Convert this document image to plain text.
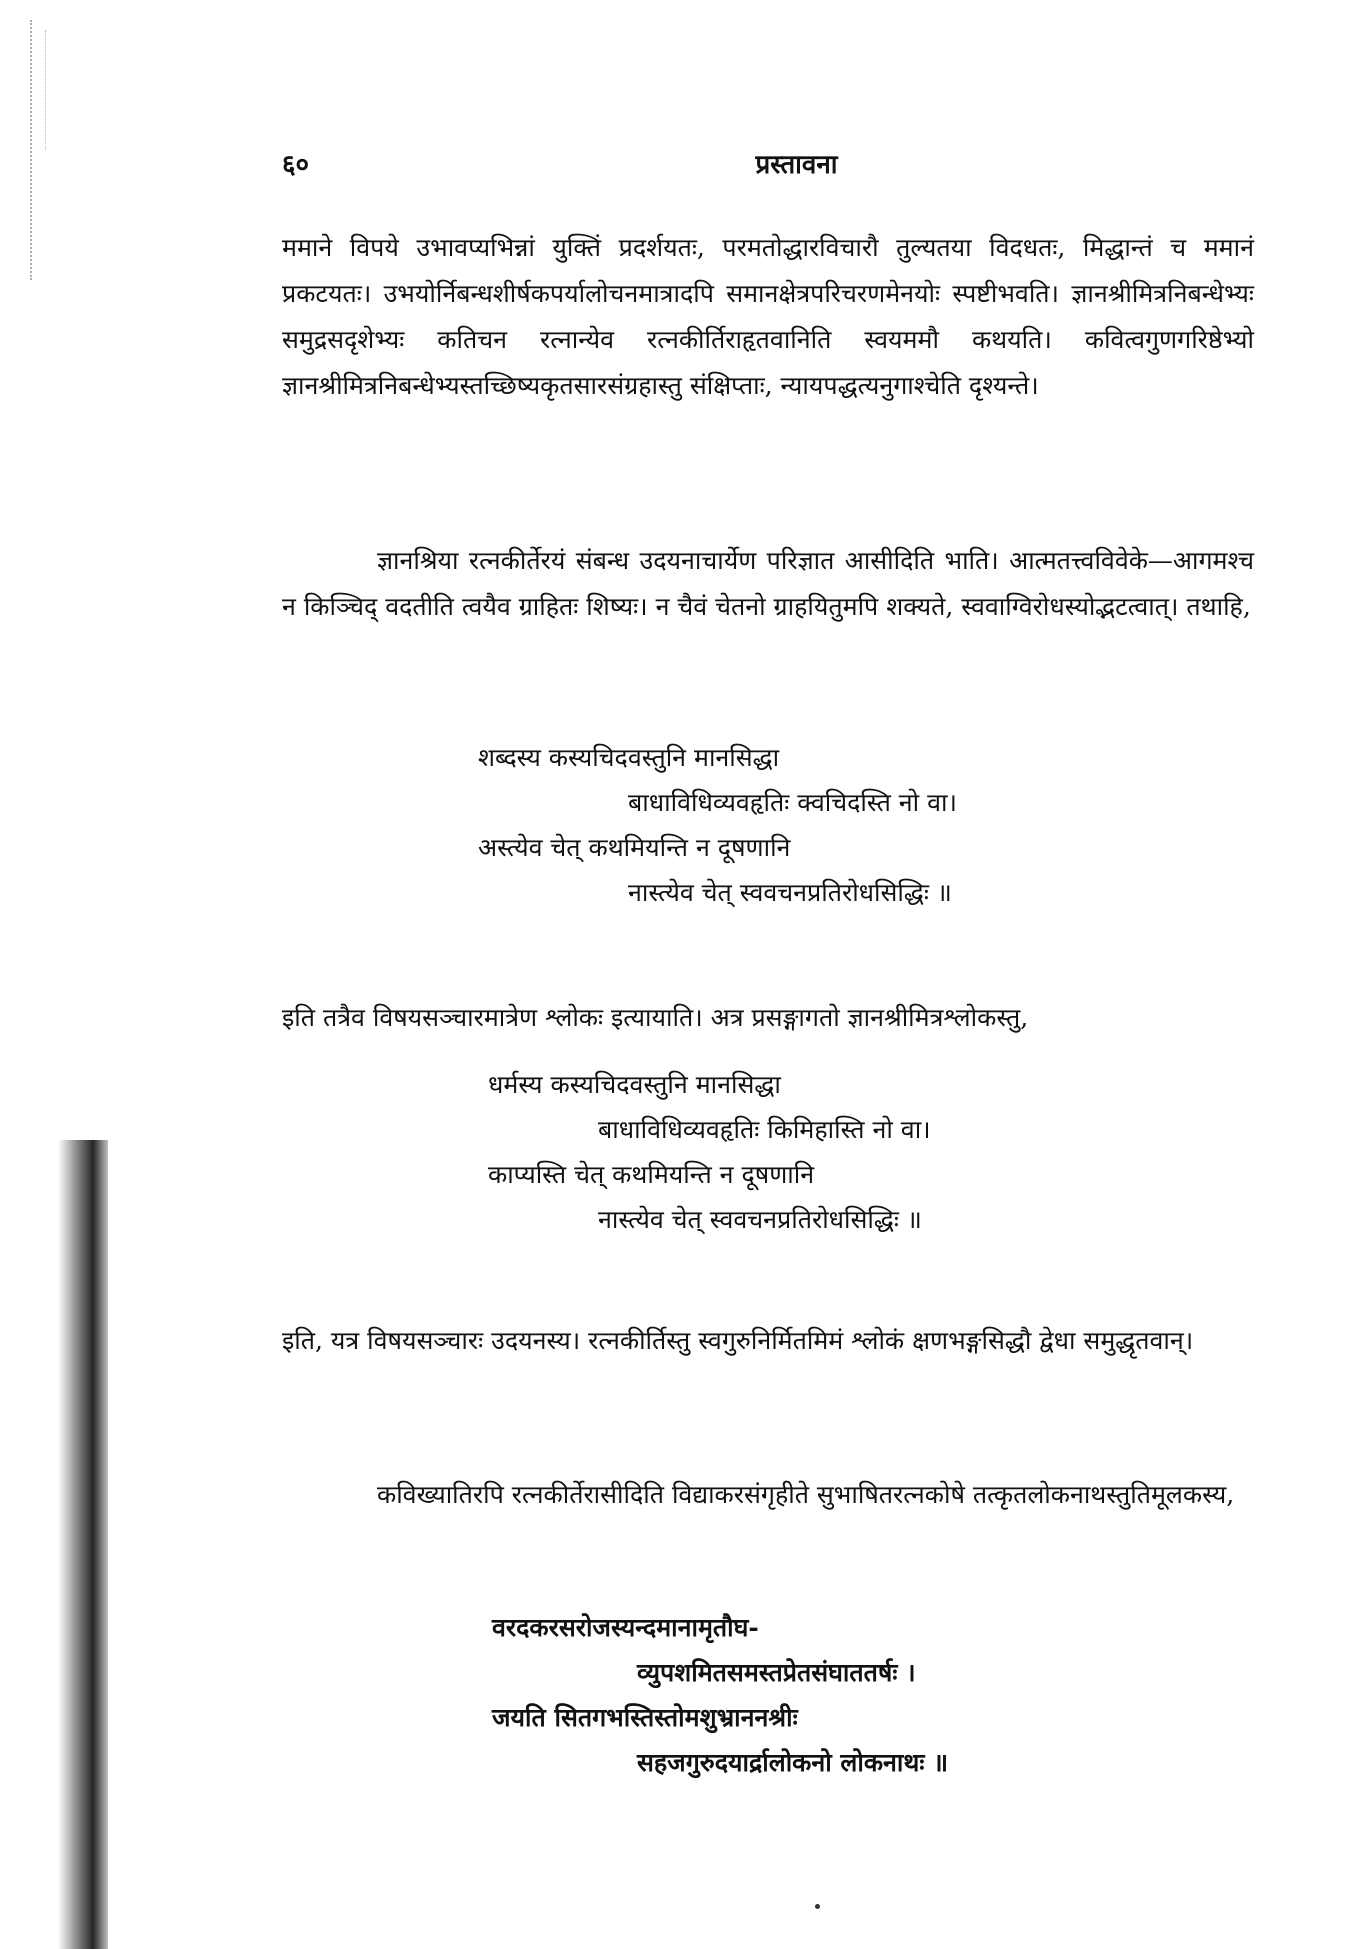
६०	प्रस्तावना

ममाने विपये उभावप्यभिन्नां युक्तिं प्रदर्शयतः, परमतोद्धारविचारौ तुल्यतया विदधतः, मिद्धान्तं च ममानं प्रकटयतः। उभयोर्निबन्धशीर्षकपर्यालोचनमात्रादपि समानक्षेत्रपरिचरणमेनयोः स्पष्टीभवति। ज्ञानश्रीमित्रनिबन्धेभ्यः समुद्रसदृशेभ्यः कतिचन रत्नान्येव रत्नकीर्तिराहृतवानिति स्वयममौ कथयति। कवित्वगुणगरिष्ठेभ्यो ज्ञानश्रीमित्रनिबन्धेभ्यस्तच्छिष्यकृतसारसंग्रहास्तु संक्षिप्ताः, न्यायपद्धत्यनुगाश्चेति दृश्यन्ते।

ज्ञानश्रिया रत्नकीर्तेरयं संबन्ध उदयनाचार्येण परिज्ञात आसीदिति भाति। आत्मतत्त्वविवेके—आगमश्च न किञ्चिद् वदतीति त्वयैव ग्राहितः शिष्यः। न चैवं चेतनो ग्राहयितुमपि शक्यते, स्ववाग्विरोधस्योद्भटत्वात्। तथाहि,

शब्दस्य कस्यचिदवस्तुनि मानसिद्धा
बाधाविधिव्यवहृतिः क्वचिदस्ति नो वा।
अस्त्येव चेत् कथमियन्ति न दूषणानि
नास्त्येव चेत् स्ववचनप्रतिरोधसिद्धिः ॥

इति तत्रैव विषयसञ्चारमात्रेण श्लोकः इत्यायाति। अत्र प्रसङ्गागतो ज्ञानश्रीमित्रश्लोकस्तु,

धर्मस्य कस्यचिदवस्तुनि मानसिद्धा
बाधाविधिव्यवहृतिः किमिहास्ति नो वा।
काप्यस्ति चेत् कथमियन्ति न दूषणानि
नास्त्येव चेत् स्ववचनप्रतिरोधसिद्धिः ॥

इति, यत्र विषयसञ्चारः उदयनस्य। रत्नकीर्तिस्तु स्वगुरुनिर्मितमिमं श्लोकं क्षणभङ्गसिद्धौ द्वेधा समुद्धृतवान्।

कविख्यातिरपि रत्नकीर्तेरासीदिति विद्याकरसंगृहीते सुभाषितरत्नकोषे तत्कृतलोकनाथस्तुतिमूलकस्य,

वरदकरसरोजस्यन्दमानामृतौघ-
व्युपशमितसमस्तप्रेतसंघाततर्षः ।
जयति सितगभस्तिस्तोमशुभ्राननश्रीः
सहजगुरुदयार्द्रालोकनो लोकनाथः ॥
